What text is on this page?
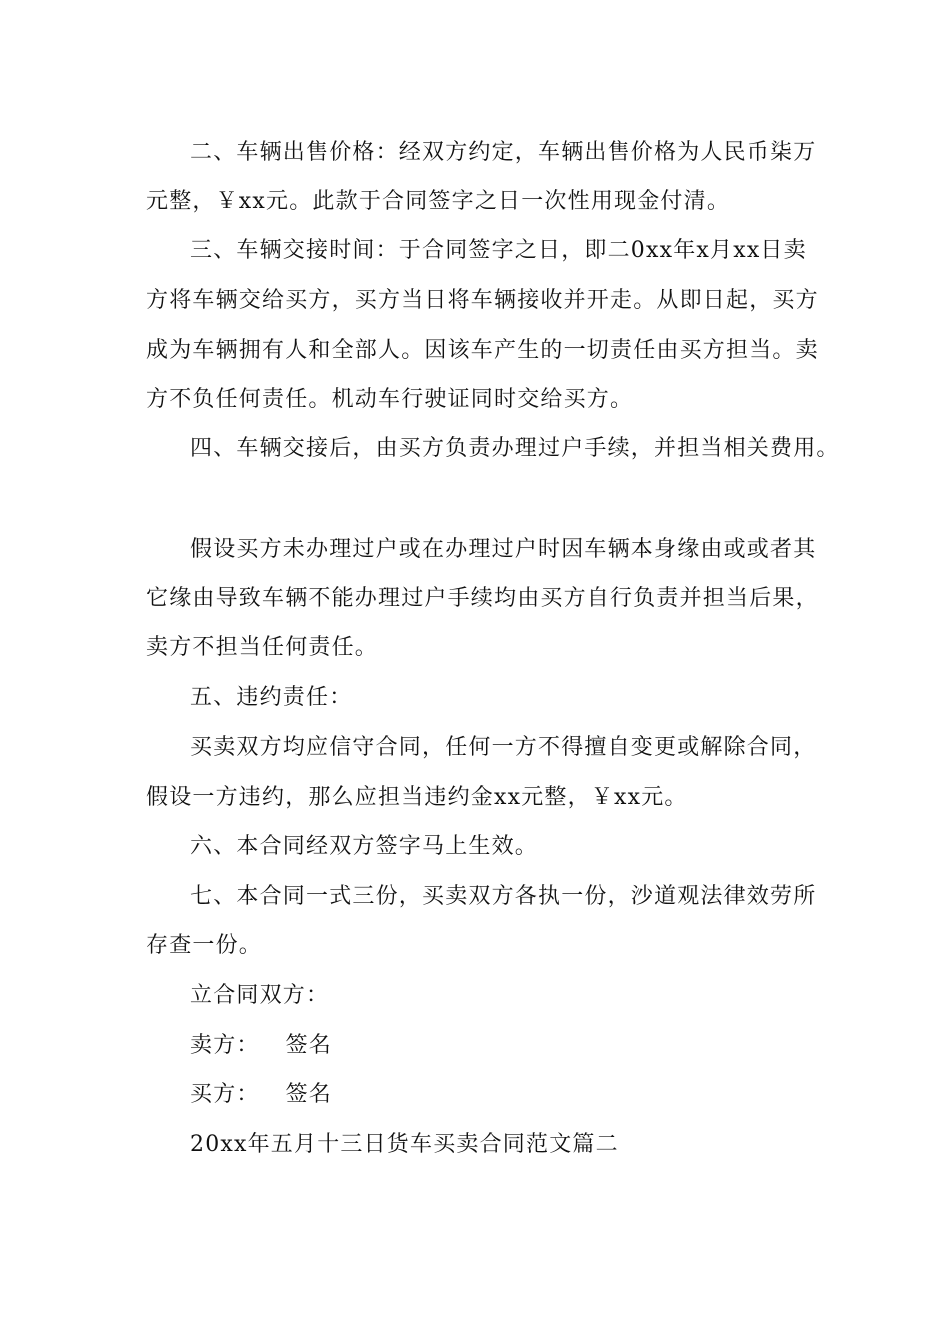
二、车辆出售价格：经双方约定，车辆出售价格为人民币柒万
元整，￥xx元。此款于合同签字之日一次性用现金付清。
三、车辆交接时间：于合同签字之日，即二0xx年x月xx日卖
方将车辆交给买方，买方当日将车辆接收并开走。从即日起，买方
成为车辆拥有人和全部人。因该车产生的一切责任由买方担当。卖
方不负任何责任。机动车行驶证同时交给买方。
四、车辆交接后，由买方负责办理过户手续，并担当相关费用。
假设买方未办理过户或在办理过户时因车辆本身缘由或或者其
它缘由导致车辆不能办理过户手续均由买方自行负责并担当后果，
卖方不担当任何责任。
五、违约责任：
买卖双方均应信守合同，任何一方不得擅自变更或解除合同，
假设一方违约，那么应担当违约金xx元整，￥xx元。
六、本合同经双方签字马上生效。
七、本合同一式三份，买卖双方各执一份，沙道观法律效劳所
存查一份。
立合同双方：
卖方： 签名
买方： 签名
20xx年五月十三日货车买卖合同范文篇二
